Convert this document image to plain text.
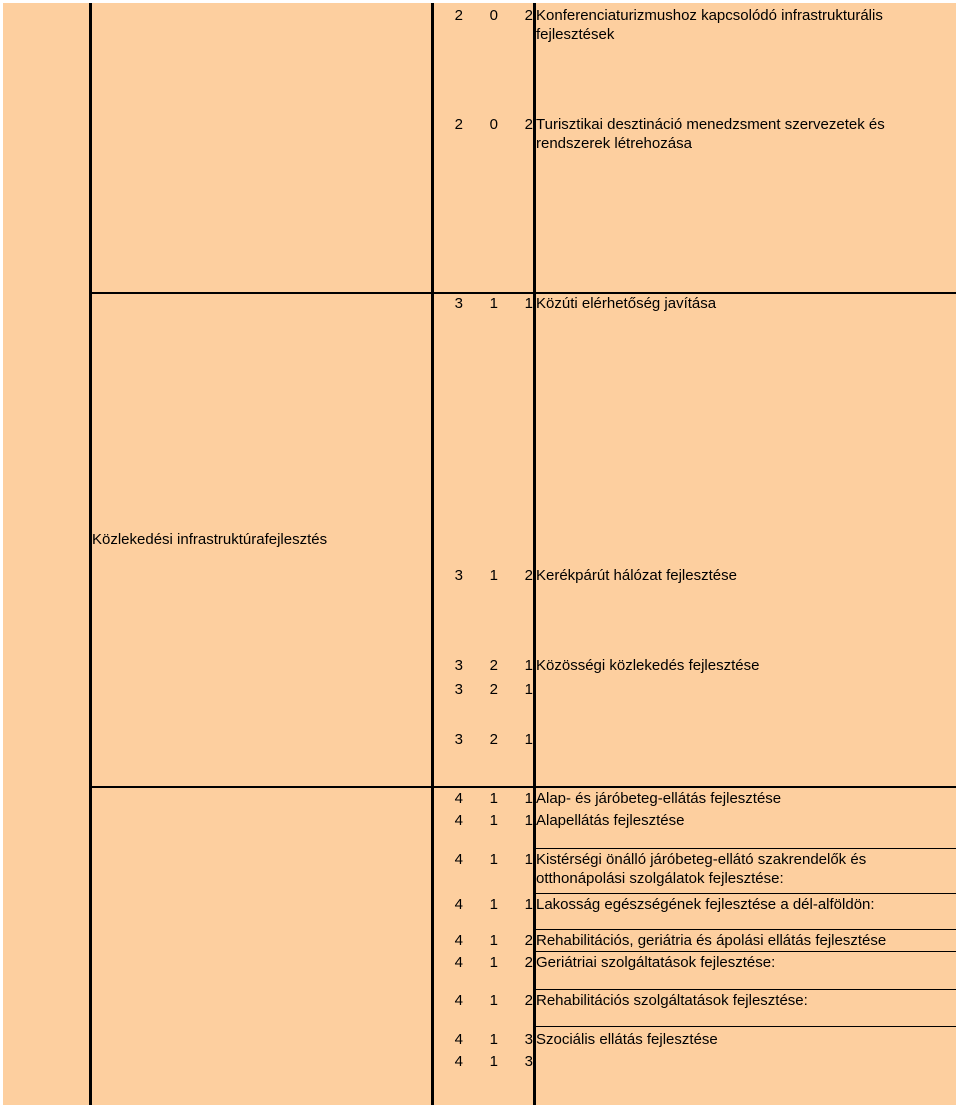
Közlekedési infrastruktúrafejlesztés
2	0	2 Konferenciaturizmushoz kapcsolódó infrastrukturális
fejlesztések
2	0	2 Turisztikai desztináció menedzsment szervezetek és
rendszerek létrehozása
3	1	1 Közúti elérhetőség javítása
3	1	2 Kerékpárút hálózat fejlesztése
3	2	1 Közösségi közlekedés fejlesztése
3	2	1
3	2	1
4	1	1 Alap- és járóbeteg-ellátás fejlesztése
4	1	1 Alapellátás fejlesztése
4	1	1 Kistérségi önálló járóbeteg-ellátó szakrendelők és
otthonápolási szolgálatok fejlesztése:
4	1	1 Lakosság egészségének fejlesztése a dél-alföldön:
4	1	2 Rehabilitációs, geriátria és ápolási ellátás fejlesztése
4	1	2 Geriátriai szolgáltatások fejlesztése:
4	1	2 Rehabilitációs szolgáltatások fejlesztése:
4	1	3 Szociális ellátás fejlesztése
4	1	3
